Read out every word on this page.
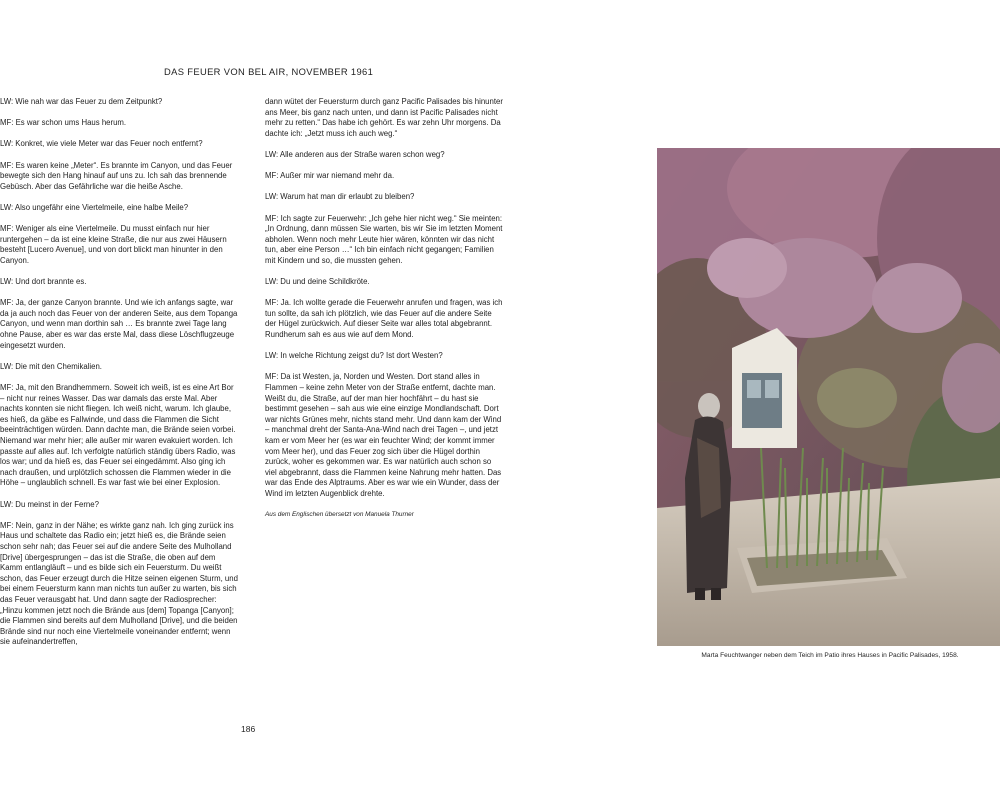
DAS FEUER VON BEL AIR, NOVEMBER 1961

LW: Wie nah war das Feuer zu dem Zeitpunkt?

MF: Es war schon ums Haus herum.

LW: Konkret, wie viele Meter war das Feuer noch entfernt?

MF: Es waren keine „Meter“. Es brannte im Canyon, und das Feuer bewegte sich den Hang hinauf auf uns zu. Ich sah das brennende Gebüsch. Aber das Gefährliche war die heiße Asche.

LW: Also ungefähr eine Viertelmeile, eine halbe Meile?

MF: Weniger als eine Viertelmeile. Du musst einfach nur hier runtergehen – da ist eine kleine Straße, die nur aus zwei Häusern besteht [Lucero Avenue], und von dort blickt man hinunter in den Canyon.

LW: Und dort brannte es.

MF: Ja, der ganze Canyon brannte. Und wie ich anfangs sagte, war da ja auch noch das Feuer von der anderen Seite, aus dem Topanga Canyon, und wenn man dorthin sah … Es brannte zwei Tage lang ohne Pause, aber es war das erste Mal, dass diese Löschflugzeuge eingesetzt wurden.

LW: Die mit den Chemikalien.

MF: Ja, mit den Brandhemmern. Soweit ich weiß, ist es eine Art Bor – nicht nur reines Wasser. Das war damals das erste Mal. Aber nachts konnten sie nicht fliegen. Ich weiß nicht, warum. Ich glaube, es hieß, da gäbe es Fallwinde, und dass die Flammen die Sicht beeinträchtigen würden. Dann dachte man, die Brände seien vorbei. Niemand war mehr hier; alle außer mir waren evakuiert worden. Ich passte auf alles auf. Ich verfolgte natürlich ständig übers Radio, was los war; und da hieß es, das Feuer sei eingedämmt. Also ging ich nach draußen, und urplötzlich schossen die Flammen wieder in die Höhe – unglaublich schnell. Es war fast wie bei einer Explosion.

LW: Du meinst in der Ferne?

MF: Nein, ganz in der Nähe; es wirkte ganz nah. Ich ging zurück ins Haus und schaltete das Radio ein; jetzt hieß es, die Brände seien schon sehr nah; das Feuer sei auf die andere Seite des Mulholland [Drive] übergesprungen – das ist die Straße, die oben auf dem Kamm entlangläuft – und es bilde sich ein Feuersturm. Du weißt schon, das Feuer erzeugt durch die Hitze seinen eigenen Sturm, und bei einem Feuersturm kann man nichts tun außer zu warten, bis sich das Feuer verausgabt hat. Und dann sagte der Radiosprecher: „Hinzu kommen jetzt noch die Brände aus [dem] Topanga [Canyon]; die Flammen sind bereits auf dem Mulholland [Drive], und die beiden Brände sind nur noch eine Viertelmeile voneinander entfernt; wenn sie aufeinandertreffen,

dann wütet der Feuersturm durch ganz Pacific Palisades bis hinunter ans Meer, bis ganz nach unten, und dann ist Pacific Palisades nicht mehr zu retten.“ Das habe ich gehört. Es war zehn Uhr morgens. Da dachte ich: „Jetzt muss ich auch weg.“

LW: Alle anderen aus der Straße waren schon weg?

MF: Außer mir war niemand mehr da.

LW: Warum hat man dir erlaubt zu bleiben?

MF: Ich sagte zur Feuerwehr: „Ich gehe hier nicht weg.“ Sie meinten: „In Ordnung, dann müssen Sie warten, bis wir Sie im letzten Moment abholen. Wenn noch mehr Leute hier wären, könnten wir das nicht tun, aber eine Person …“ Ich bin einfach nicht gegangen; Familien mit Kindern und so, die mussten gehen.

LW: Du und deine Schildkröte.

MF: Ja. Ich wollte gerade die Feuerwehr anrufen und fragen, was ich tun sollte, da sah ich plötzlich, wie das Feuer auf die andere Seite der Hügel zurückwich. Auf dieser Seite war alles total abgebrannt. Rundherum sah es aus wie auf dem Mond.

LW: In welche Richtung zeigst du? Ist dort Westen?

MF: Da ist Westen, ja, Norden und Westen. Dort stand alles in Flammen – keine zehn Meter von der Straße entfernt, dachte man. Weißt du, die Straße, auf der man hier hochfährt – du hast sie bestimmt gesehen – sah aus wie eine einzige Mondlandschaft. Dort war nichts Grünes mehr, nichts stand mehr. Und dann kam der Wind – manchmal dreht der Santa-Ana-Wind nach drei Tagen –, und jetzt kam er vom Meer her (es war ein feuchter Wind; der kommt immer vom Meer her), und das Feuer zog sich über die Hügel dorthin zurück, woher es gekommen war. Es war natürlich auch schon so viel abgebrannt, dass die Flammen keine Nahrung mehr hatten. Das war das Ende des Alptraums. Aber es war wie ein Wunder, dass der Wind im letzten Augenblick drehte.

Aus dem Englischen übersetzt von Manuela Thurner

186

Marta Feuchtwanger neben dem Teich im Patio ihres Hauses in Pacific Palisades, 1958.
